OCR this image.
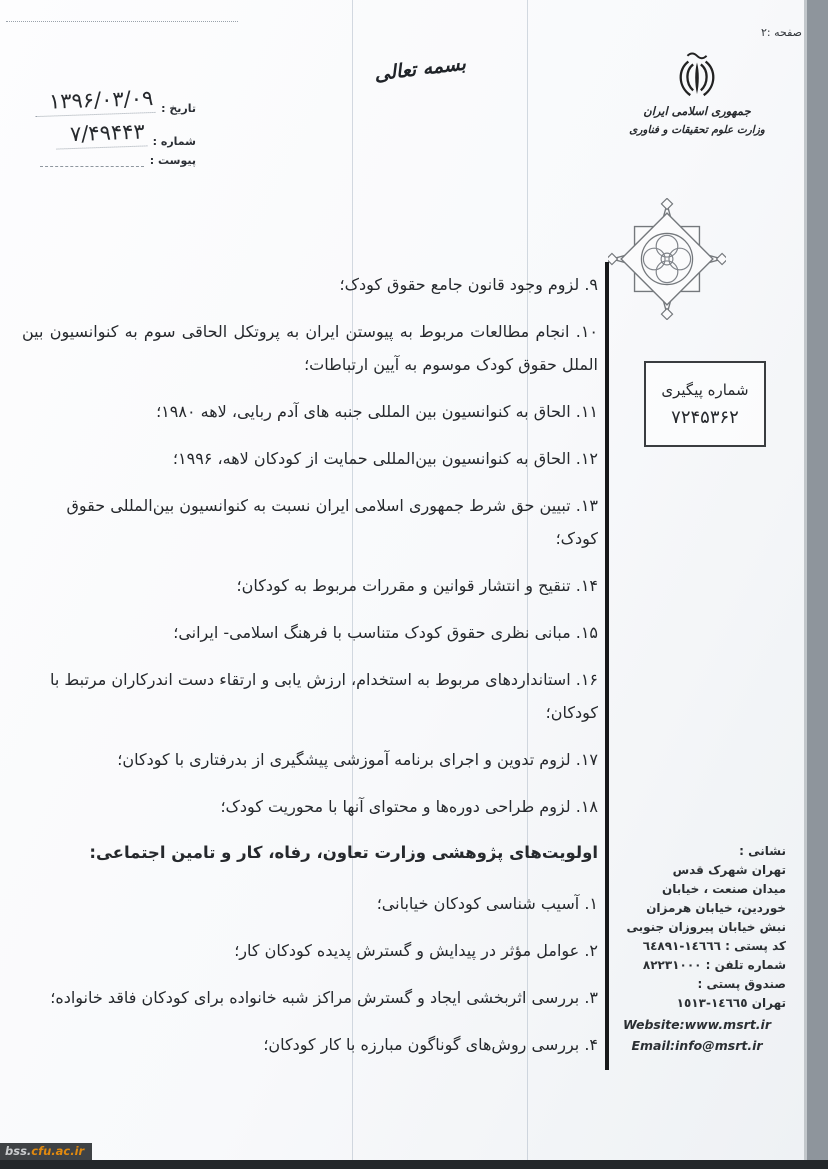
صفحه :۲
تاریخ :
۱۳۹۶/۰۳/۰۹
شماره :
۷/۴۹۴۴۳
پیوست :
بسمه تعالی
جمهوری اسلامی ایران
وزارت علوم تحقیقات و فناوری
شماره پیگیری
۷۲۴۵۳۶۲

۹. لزوم وجود قانون جامع حقوق کودک؛

۱۰. انجام مطالعات مربوط به پیوستن ایران به پروتکل الحاقی سوم به کنوانسیون بین الملل حقوق کودک موسوم به آیین ارتباطات؛

۱۱. الحاق به کنوانسیون بین المللی جنبه های آدم ربایی، لاهه ۱۹۸۰؛

۱۲. الحاق به کنوانسیون بین‌المللی حمایت از کودکان لاهه، ۱۹۹۶؛

۱۳. تبیین حق شرط جمهوری اسلامی ایران نسبت به کنوانسیون بین‌المللی حقوق کودک؛

۱۴. تنقیح و انتشار قوانین و مقررات مربوط به کودکان؛

۱۵. مبانی نظری حقوق کودک متناسب با فرهنگ اسلامی- ایرانی؛

۱۶. استانداردهای مربوط به استخدام، ارزش یابی و ارتقاء دست اندرکاران مرتبط با کودکان؛

۱۷. لزوم تدوین و اجرای برنامه آموزشی پیشگیری از بدرفتاری با کودکان؛

۱۸. لزوم طراحی دوره‌ها و محتوای آنها با محوریت کودک؛

اولویت‌های پژوهشی وزارت تعاون، رفاه، کار و تامین اجتماعی:

۱. آسیب شناسی کودکان خیابانی؛

۲. عوامل مؤثر در پیدایش و گسترش پدیده کودکان کار؛

۳. بررسی اثربخشی ایجاد و گسترش مراکز شبه خانواده برای کودکان فاقد خانواده؛

۴. بررسی روش‌های گوناگون مبارزه با کار کودکان؛

نشانی :
تهران شهرک قدس
میدان صنعت ، خیابان
خوردین، خیابان هرمزان
نبش خیابان پیروزان جنوبی
کد پستی : ١٤٦٦٦-٦٤٨٩١
شماره تلفن : ٨٢٢٣١٠٠٠
صندوق پستی :
تهران ١٤٦٦٥-١٥١٣
Website:www.msrt.ir
Email:info@msrt.ir
bss. cfu.ac.ir
